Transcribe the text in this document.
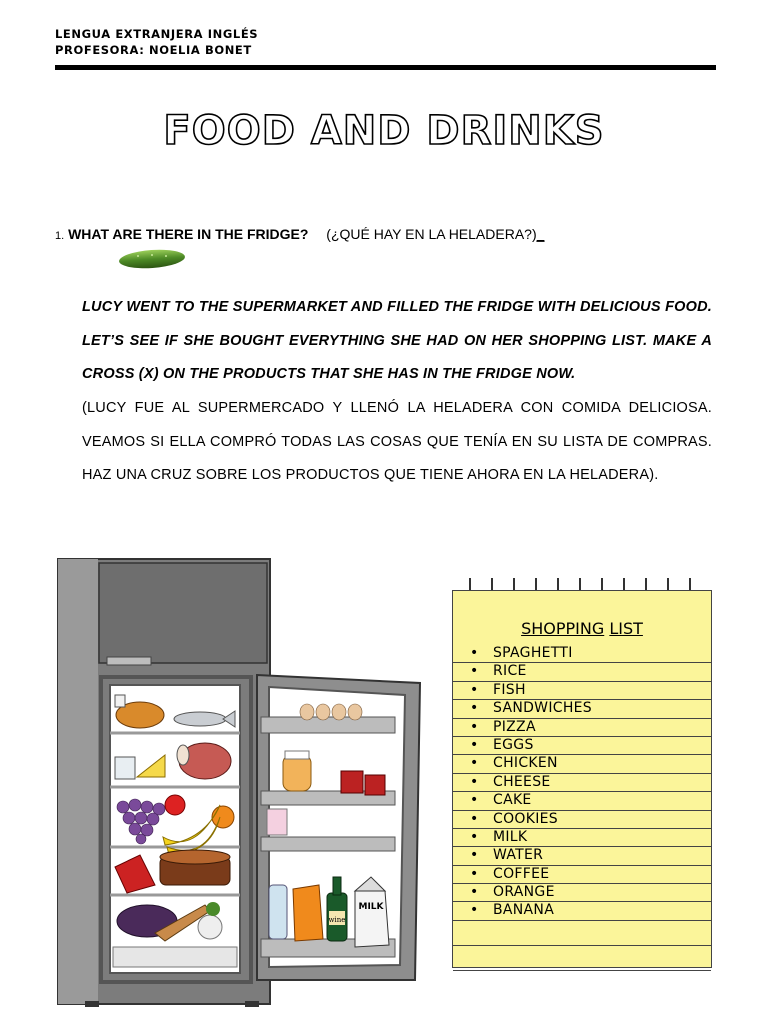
LENGUA EXTRANJERA INGLÉS
PROFESORA: NOELIA BONET
FOOD AND DRINKS
1. WHAT ARE THERE IN THE FRIDGE? (¿QUÉ HAY EN LA HELADERA?)_
LUCY WENT TO THE SUPERMARKET AND FILLED THE FRIDGE WITH DELICIOUS FOOD. LET’S SEE IF SHE BOUGHT EVERYTHING SHE HAD ON HER SHOPPING LIST. MAKE A CROSS (X) ON THE PRODUCTS THAT SHE HAS IN THE FRIDGE NOW.
(LUCY FUE AL SUPERMERCADO Y LLENÓ LA HELADERA CON COMIDA DELICIOSA. VEAMOS SI ELLA COMPRÓ TODAS LAS COSAS QUE TENÍA EN SU LISTA DE COMPRAS. HAZ UNA CRUZ SOBRE LOS PRODUCTOS QUE TIENE AHORA EN LA HELADERA).
wine
MILK
SHOPPING LIST
• SPAGHETTI
• RICE
• FISH
• SANDWICHES
• PIZZA
• EGGS
• CHICKEN
• CHEESE
• CAKE
• COOKIES
• MILK
• WATER
• COFFEE
• ORANGE
• BANANA
